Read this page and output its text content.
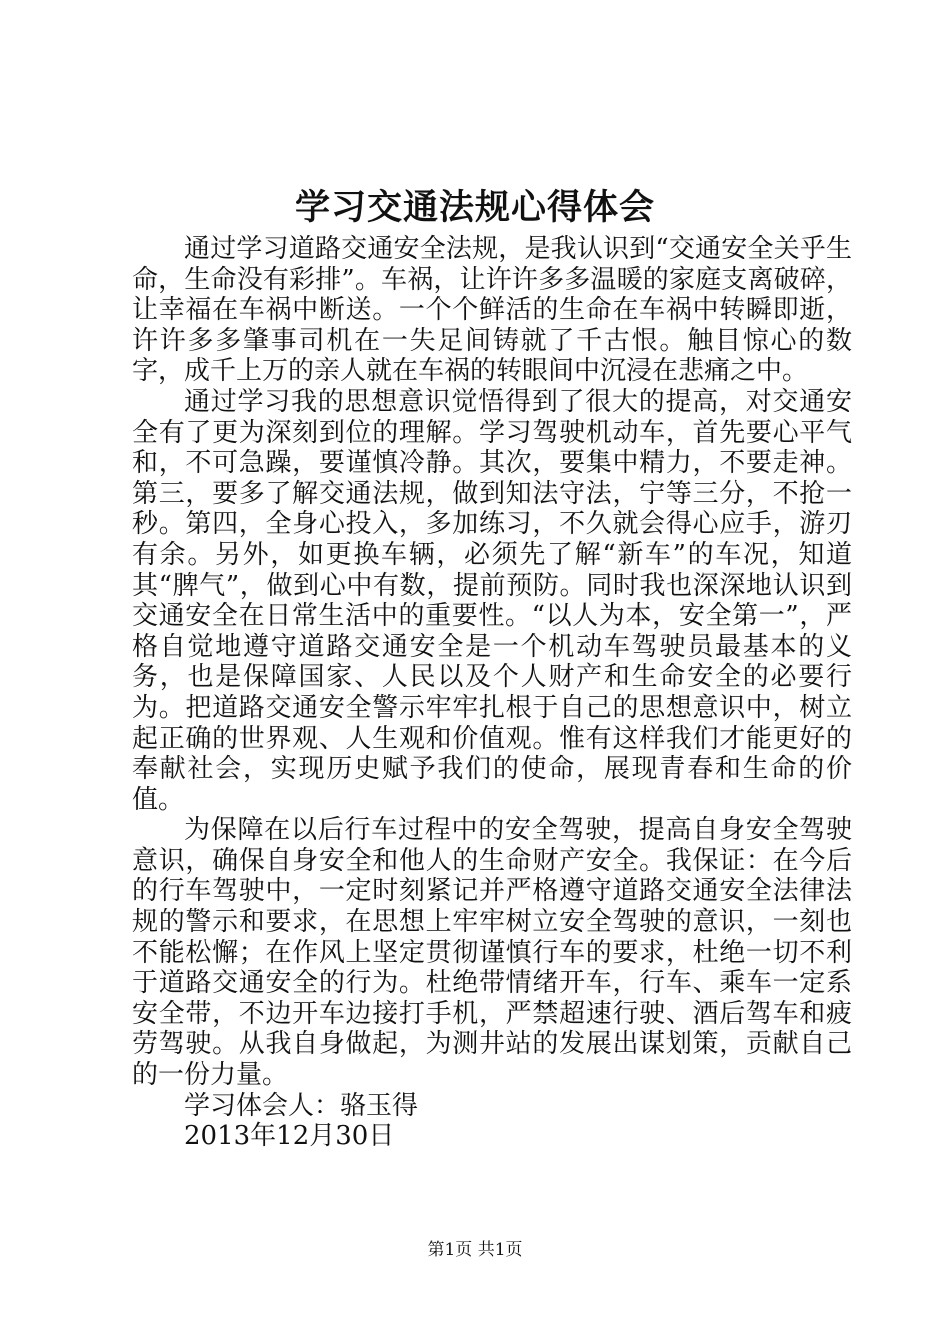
学习交通法规心得体会

通过学习道路交通安全法规，是我认识到“交通安全关乎生命，生命没有彩排”。车祸，让许许多多温暖的家庭支离破碎，让幸福在车祸中断送。一个个鲜活的生命在车祸中转瞬即逝，许许多多肇事司机在一失足间铸就了千古恨。触目惊心的数字，成千上万的亲人就在车祸的转眼间中沉浸在悲痛之中。

通过学习我的思想意识觉悟得到了很大的提高，对交通安全有了更为深刻到位的理解。学习驾驶机动车，首先要心平气和，不可急躁，要谨慎冷静。其次，要集中精力，不要走神。第三，要多了解交通法规，做到知法守法，宁等三分，不抢一秒。第四，全身心投入，多加练习，不久就会得心应手，游刃有余。另外，如更换车辆，必须先了解“新车”的车况，知道其“脾气”，做到心中有数，提前预防。同时我也深深地认识到交通安全在日常生活中的重要性。“以人为本，安全第一”，严格自觉地遵守道路交通安全是一个机动车驾驶员最基本的义务，也是保障国家、人民以及个人财产和生命安全的必要行为。把道路交通安全警示牢牢扎根于自己的思想意识中，树立起正确的世界观、人生观和价值观。惟有这样我们才能更好的奉献社会，实现历史赋予我们的使命，展现青春和生命的价值。

为保障在以后行车过程中的安全驾驶，提高自身安全驾驶意识，确保自身安全和他人的生命财产安全。我保证：在今后的行车驾驶中，一定时刻紧记并严格遵守道路交通安全法律法规的警示和要求，在思想上牢牢树立安全驾驶的意识，一刻也不能松懈；在作风上坚定贯彻谨慎行车的要求，杜绝一切不利于道路交通安全的行为。杜绝带情绪开车，行车、乘车一定系安全带，不边开车边接打手机，严禁超速行驶、酒后驾车和疲劳驾驶。从我自身做起，为测井站的发展出谋划策，贡献自己的一份力量。

学习体会人：骆玉得

2013年12月30日

第1页 共1页
